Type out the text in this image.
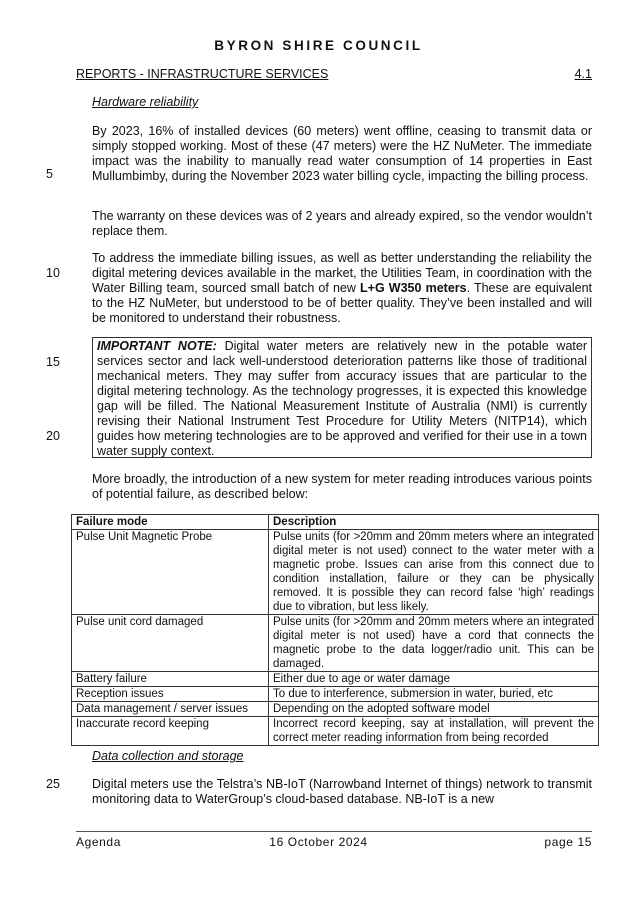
BYRON SHIRE COUNCIL
REPORTS - INFRASTRUCTURE SERVICES	4.1
Hardware reliability

By 2023, 16% of installed devices (60 meters) went offline, ceasing to transmit data or simply stopped working. Most of these (47 meters) were the HZ NuMeter. The immediate impact was the inability to manually read water consumption of 14 properties in East Mullumbimby, during the November 2023 water billing cycle, impacting the billing process.

The warranty on these devices was of 2 years and already expired, so the vendor wouldn’t replace them.

To address the immediate billing issues, as well as better understanding the reliability the digital metering devices available in the market, the Utilities Team, in coordination with the Water Billing team, sourced small batch of new L+G W350 meters. These are equivalent to the HZ NuMeter, but understood to be of better quality. They’ve been installed and will be monitored to understand their robustness.

IMPORTANT NOTE: Digital water meters are relatively new in the potable water services sector and lack well-understood deterioration patterns like those of traditional mechanical meters. They may suffer from accuracy issues that are particular to the digital metering technology. As the technology progresses, it is expected this knowledge gap will be filled. The National Measurement Institute of Australia (NMI) is currently revising their National Instrument Test Procedure for Utility Meters (NITP14), which guides how metering technologies are to be approved and verified for their use in a town water supply context.

More broadly, the introduction of a new system for meter reading introduces various points of potential failure, as described below:

Failure mode	Description
Pulse Unit Magnetic Probe	Pulse units (for >20mm and 20mm meters where an integrated digital meter is not used) connect to the water meter with a magnetic probe. Issues can arise from this connect due to condition installation, failure or they can be physically removed. It is possible they can record false ‘high’ readings due to vibration, but less likely.
Pulse unit cord damaged	Pulse units (for >20mm and 20mm meters where an integrated digital meter is not used) have a cord that connects the magnetic probe to the data logger/radio unit. This can be damaged.
Battery failure	Either due to age or water damage
Reception issues	To due to interference, submersion in water, buried, etc
Data management / server issues	Depending on the adopted software model
Inaccurate record keeping	Incorrect record keeping, say at installation, will prevent the correct meter reading information from being recorded
Data collection and storage

Digital meters use the Telstra’s NB-IoT (Narrowband Internet of things) network to transmit monitoring data to WaterGroup’s cloud-based database. NB-IoT is a new

5
10
15
20
25
Agenda	16 October 2024	page 15
